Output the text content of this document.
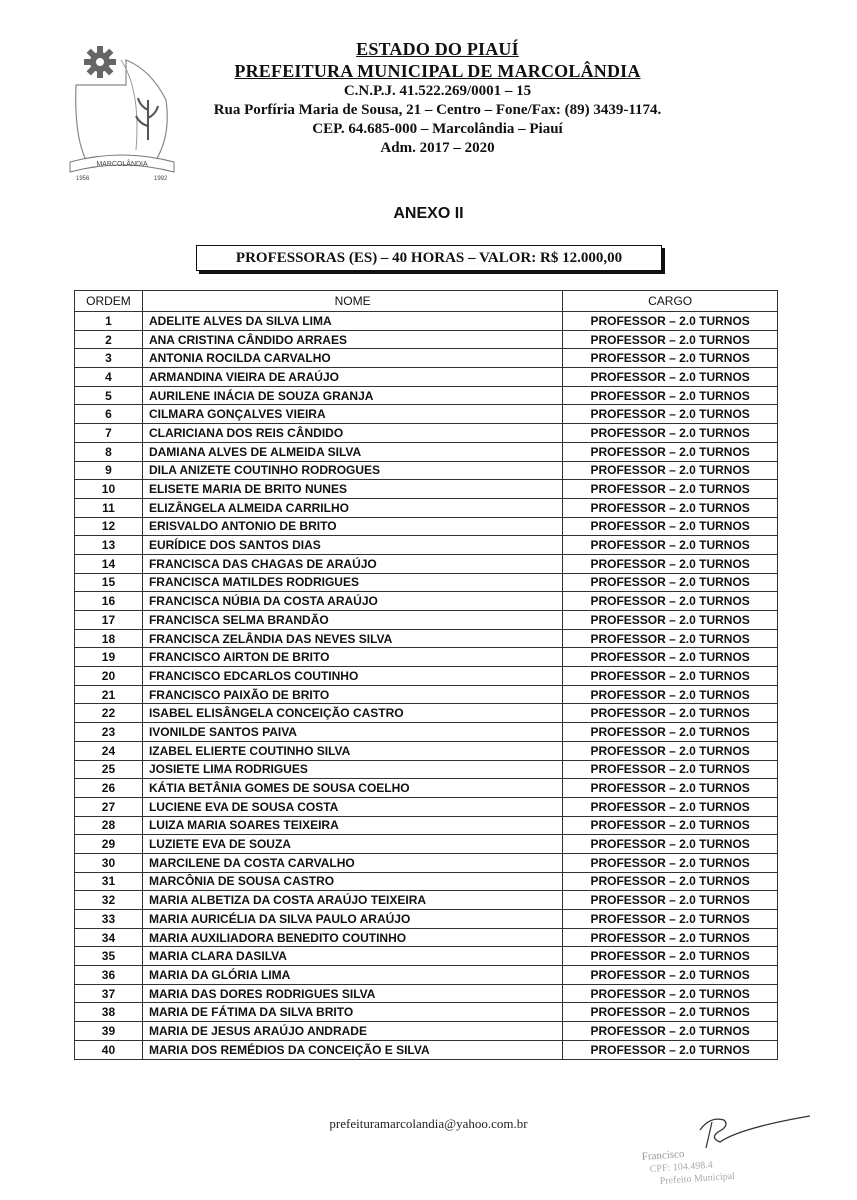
MARCOLÂNDIA
1956	1992
ESTADO DO PIAUÍ
PREFEITURA MUNICIPAL DE MARCOLÂNDIA
C.N.P.J. 41.522.269/0001 – 15
Rua Porfíria Maria de Sousa, 21 – Centro – Fone/Fax: (89) 3439-1174.
CEP. 64.685-000 – Marcolândia – Piauí
Adm. 2017 – 2020
ANEXO II
PROFESSORAS (ES) – 40 HORAS – VALOR: R$ 12.000,00
ORDEM	NOME	CARGO
1	ADELITE ALVES DA SILVA LIMA	PROFESSOR – 2.0 TURNOS
2	ANA CRISTINA CÂNDIDO ARRAES	PROFESSOR – 2.0 TURNOS
3	ANTONIA ROCILDA CARVALHO	PROFESSOR – 2.0 TURNOS
4	ARMANDINA VIEIRA DE ARAÚJO	PROFESSOR – 2.0 TURNOS
5	AURILENE INÁCIA DE SOUZA GRANJA	PROFESSOR – 2.0 TURNOS
6	CILMARA GONÇALVES VIEIRA	PROFESSOR – 2.0 TURNOS
7	CLARICIANA DOS REIS CÂNDIDO	PROFESSOR – 2.0 TURNOS
8	DAMIANA ALVES DE ALMEIDA SILVA	PROFESSOR – 2.0 TURNOS
9	DILA ANIZETE COUTINHO RODROGUES	PROFESSOR – 2.0 TURNOS
10	ELISETE MARIA DE BRITO NUNES	PROFESSOR – 2.0 TURNOS
11	ELIZÂNGELA ALMEIDA CARRILHO	PROFESSOR – 2.0 TURNOS
12	ERISVALDO ANTONIO DE BRITO	PROFESSOR – 2.0 TURNOS
13	EURÍDICE DOS SANTOS DIAS	PROFESSOR – 2.0 TURNOS
14	FRANCISCA DAS CHAGAS DE ARAÚJO	PROFESSOR – 2.0 TURNOS
15	FRANCISCA MATILDES RODRIGUES	PROFESSOR – 2.0 TURNOS
16	FRANCISCA NÚBIA DA COSTA ARAÚJO	PROFESSOR – 2.0 TURNOS
17	FRANCISCA SELMA BRANDÃO	PROFESSOR – 2.0 TURNOS
18	FRANCISCA ZELÂNDIA DAS NEVES SILVA	PROFESSOR – 2.0 TURNOS
19	FRANCISCO AIRTON DE BRITO	PROFESSOR – 2.0 TURNOS
20	FRANCISCO EDCARLOS COUTINHO	PROFESSOR – 2.0 TURNOS
21	FRANCISCO PAIXÃO DE BRITO	PROFESSOR – 2.0 TURNOS
22	ISABEL ELISÂNGELA CONCEIÇÃO CASTRO	PROFESSOR – 2.0 TURNOS
23	IVONILDE SANTOS PAIVA	PROFESSOR – 2.0 TURNOS
24	IZABEL ELIERTE COUTINHO SILVA	PROFESSOR – 2.0 TURNOS
25	JOSIETE LIMA RODRIGUES	PROFESSOR – 2.0 TURNOS
26	KÁTIA BETÂNIA GOMES DE SOUSA COELHO	PROFESSOR – 2.0 TURNOS
27	LUCIENE EVA DE SOUSA COSTA	PROFESSOR – 2.0 TURNOS
28	LUIZA MARIA SOARES TEIXEIRA	PROFESSOR – 2.0 TURNOS
29	LUZIETE EVA DE SOUZA	PROFESSOR – 2.0 TURNOS
30	MARCILENE DA COSTA CARVALHO	PROFESSOR – 2.0 TURNOS
31	MARCÔNIA DE SOUSA CASTRO	PROFESSOR – 2.0 TURNOS
32	MARIA ALBETIZA DA COSTA ARAÚJO TEIXEIRA	PROFESSOR – 2.0 TURNOS
33	MARIA AURICÉLIA DA SILVA PAULO ARAÚJO	PROFESSOR – 2.0 TURNOS
34	MARIA AUXILIADORA BENEDITO COUTINHO	PROFESSOR – 2.0 TURNOS
35	MARIA CLARA DASILVA	PROFESSOR – 2.0 TURNOS
36	MARIA DA GLÓRIA LIMA	PROFESSOR – 2.0 TURNOS
37	MARIA DAS DORES RODRIGUES SILVA	PROFESSOR – 2.0 TURNOS
38	MARIA DE FÁTIMA DA SILVA BRITO	PROFESSOR – 2.0 TURNOS
39	MARIA DE JESUS ARAÚJO ANDRADE	PROFESSOR – 2.0 TURNOS
40	MARIA DOS REMÉDIOS DA CONCEIÇÃO E SILVA	PROFESSOR – 2.0 TURNOS
prefeituramarcolandia@yahoo.com.br
Francisco
CPF: 104.498.4
Prefeito Municipal
